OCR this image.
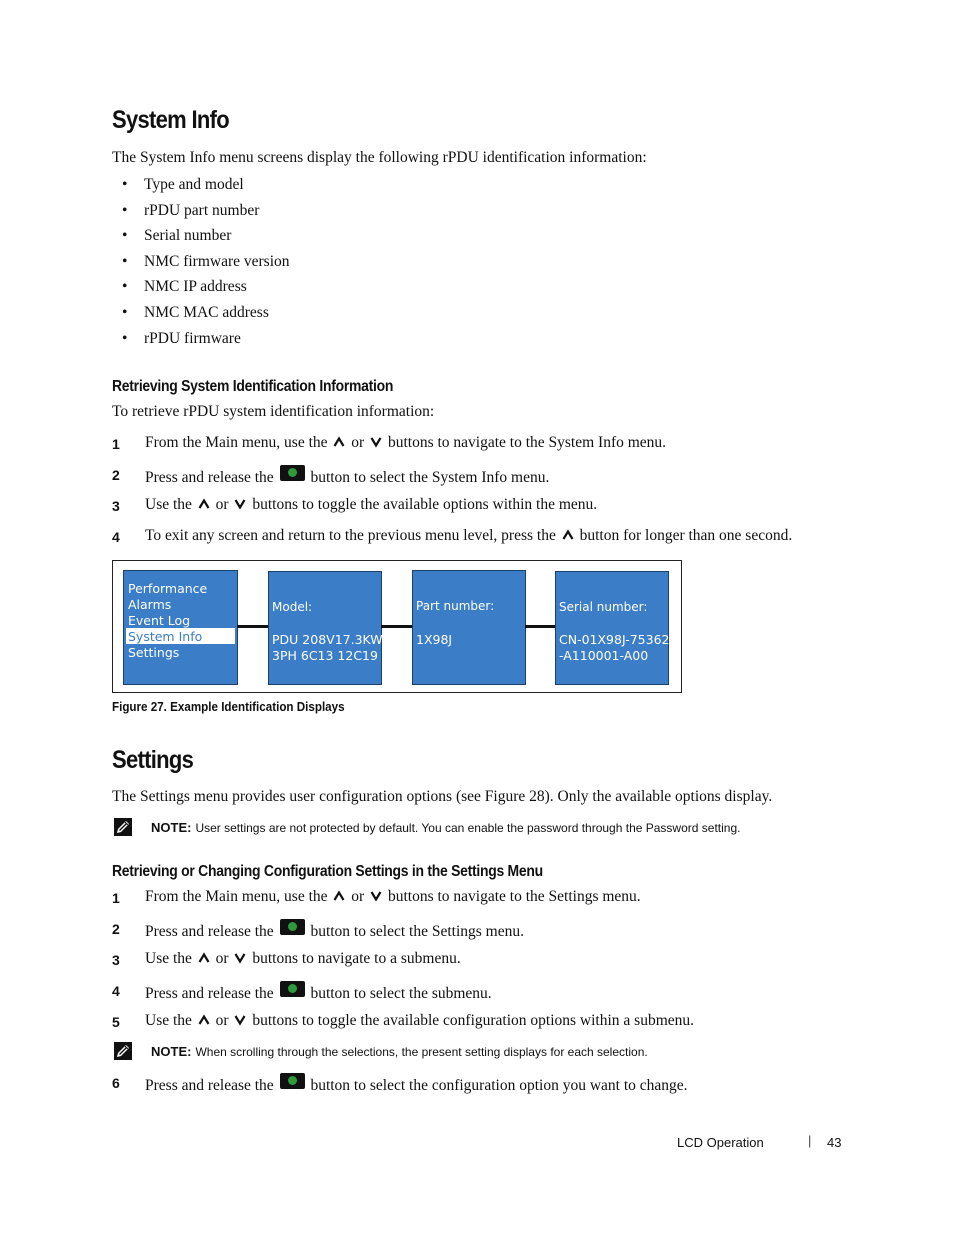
System Info
The System Info menu screens display the following rPDU identification information:
• Type and model
• rPDU part number
• Serial number
• NMC firmware version
• NMC IP address
• NMC MAC address
• rPDU firmware
Retrieving System Identification Information
To retrieve rPDU system identification information:
1 From the Main menu, use the or buttons to navigate to the System Info menu.
2 Press and release the button to select the System Info menu.
3 Use the or buttons to toggle the available options within the menu.
4 To exit any screen and return to the previous menu level, press the button for longer than one second.
Performance
Alarms
Event Log
System Info
Settings
Model:
PDU 208V17.3KW
3PH 6C13 12C19
Part number:
1X98J
Serial number:
CN-01X98J-75362
-A110001-A00
Figure 27. Example Identification Displays
Settings
The Settings menu provides user configuration options (see Figure 28). Only the available options display.
NOTE: User settings are not protected by default. You can enable the password through the Password setting.
Retrieving or Changing Configuration Settings in the Settings Menu
1 From the Main menu, use the or buttons to navigate to the Settings menu.
2 Press and release the button to select the Settings menu.
3 Use the or buttons to navigate to a submenu.
4 Press and release the button to select the submenu.
5 Use the or buttons to toggle the available configuration options within a submenu.
NOTE: When scrolling through the selections, the present setting displays for each selection.
6 Press and release the button to select the configuration option you want to change.
LCD Operation	| 43
